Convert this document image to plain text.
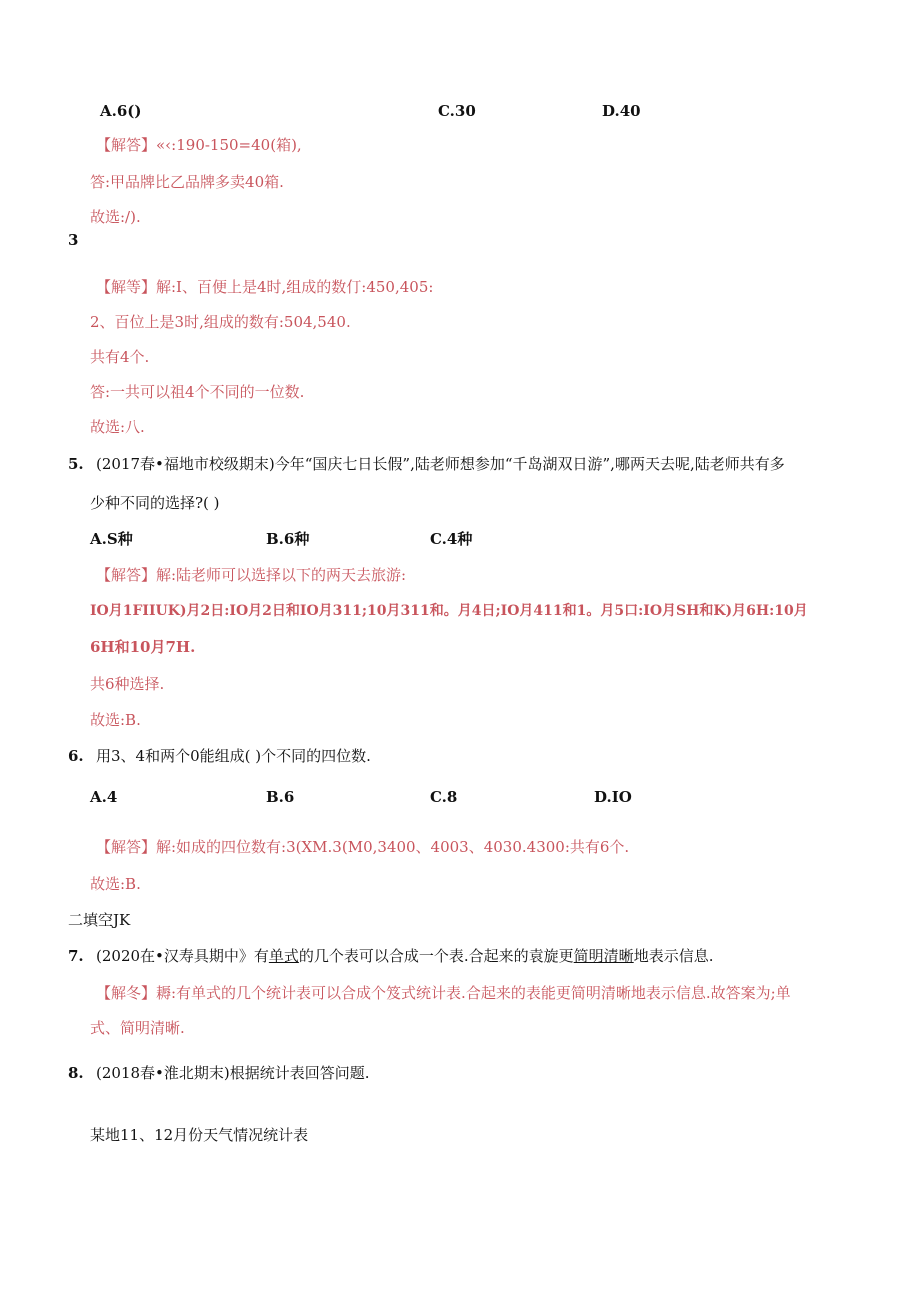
A.6()	C.30	D.40
【解答】«‹:190-150=40(箱),
答:甲品牌比乙品牌多卖40箱.
故选:/).
3
【解等】解:I、百便上是4时,组成的数仃:450,405:
2、百位上是3时,组成的数有:504,540.
共有4个.
答:一共可以祖4个不同的一位数.
故选:八.
5. (2017春•福地市校级期末)今年“国庆七日长假”,陆老师想参加“千岛湖双日游”,哪两天去呢,陆老师共有多
少种不同的选择?( )
A.S种	B.6种	C.4种
【解答】解:陆老师可以选择以下的两天去旅游:
IO月1FIIUK)月2日:IO月2日和IO月311;10月311和。月4日;IO月411和1。月5口:IO月SH和K)月6H:10月
6H和10月7H.
共6种选择.
故选:B.
6. 用3、4和两个0能组成( )个不同的四位数.
A.4	B.6	C.8	D.IO
【解答】解:如成的四位数有:3(XM.3(M0,3400、4003、4030.4300:共有6个.
故选:B.
二填空JK
7. (2020在•汉寿具期中》有单式的几个表可以合成一个表.合起来的袁旋更简明清晰地表示信息.
【解冬】耨:有单式的几个统计表可以合成个笈式统计表.合起来的表能更简明清晰地表示信息.故答案为;单
式、简明清晰.
8. (2018春•淮北期末)根据统计表回答问题.
某地11、12月份天气情况统计表
